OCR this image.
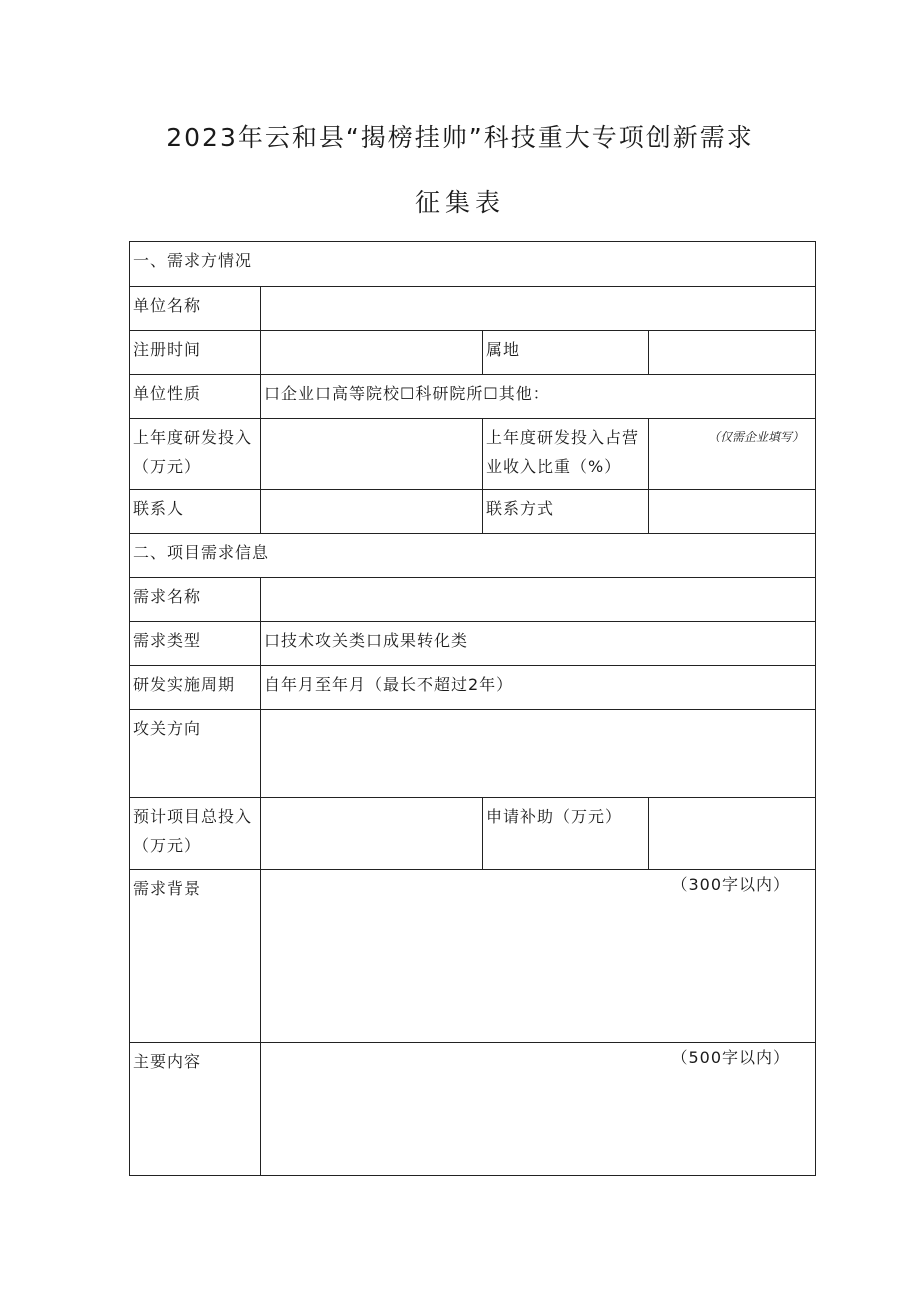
2023年云和县“揭榜挂帅”科技重大专项创新需求
征集表
一、需求方情况			
单位名称			
注册时间		属地	
单位性质	口企业口高等院校☐科研院所☐其他：		
上年度研发投入（万元）		上年度研发投入占营业收入比重（%）	（仅需企业填写）

联系人		联系方式	
二、项目需求信息			
需求名称			
需求类型	口技术攻关类口成果转化类		
研发实施周期	自年月至年月（最长不超过2年）		
攻关方向			
预计项目总投入（万元）		申请补助（万元）	
需求背景	（300字以内）		

主要内容	（500字以内）		
